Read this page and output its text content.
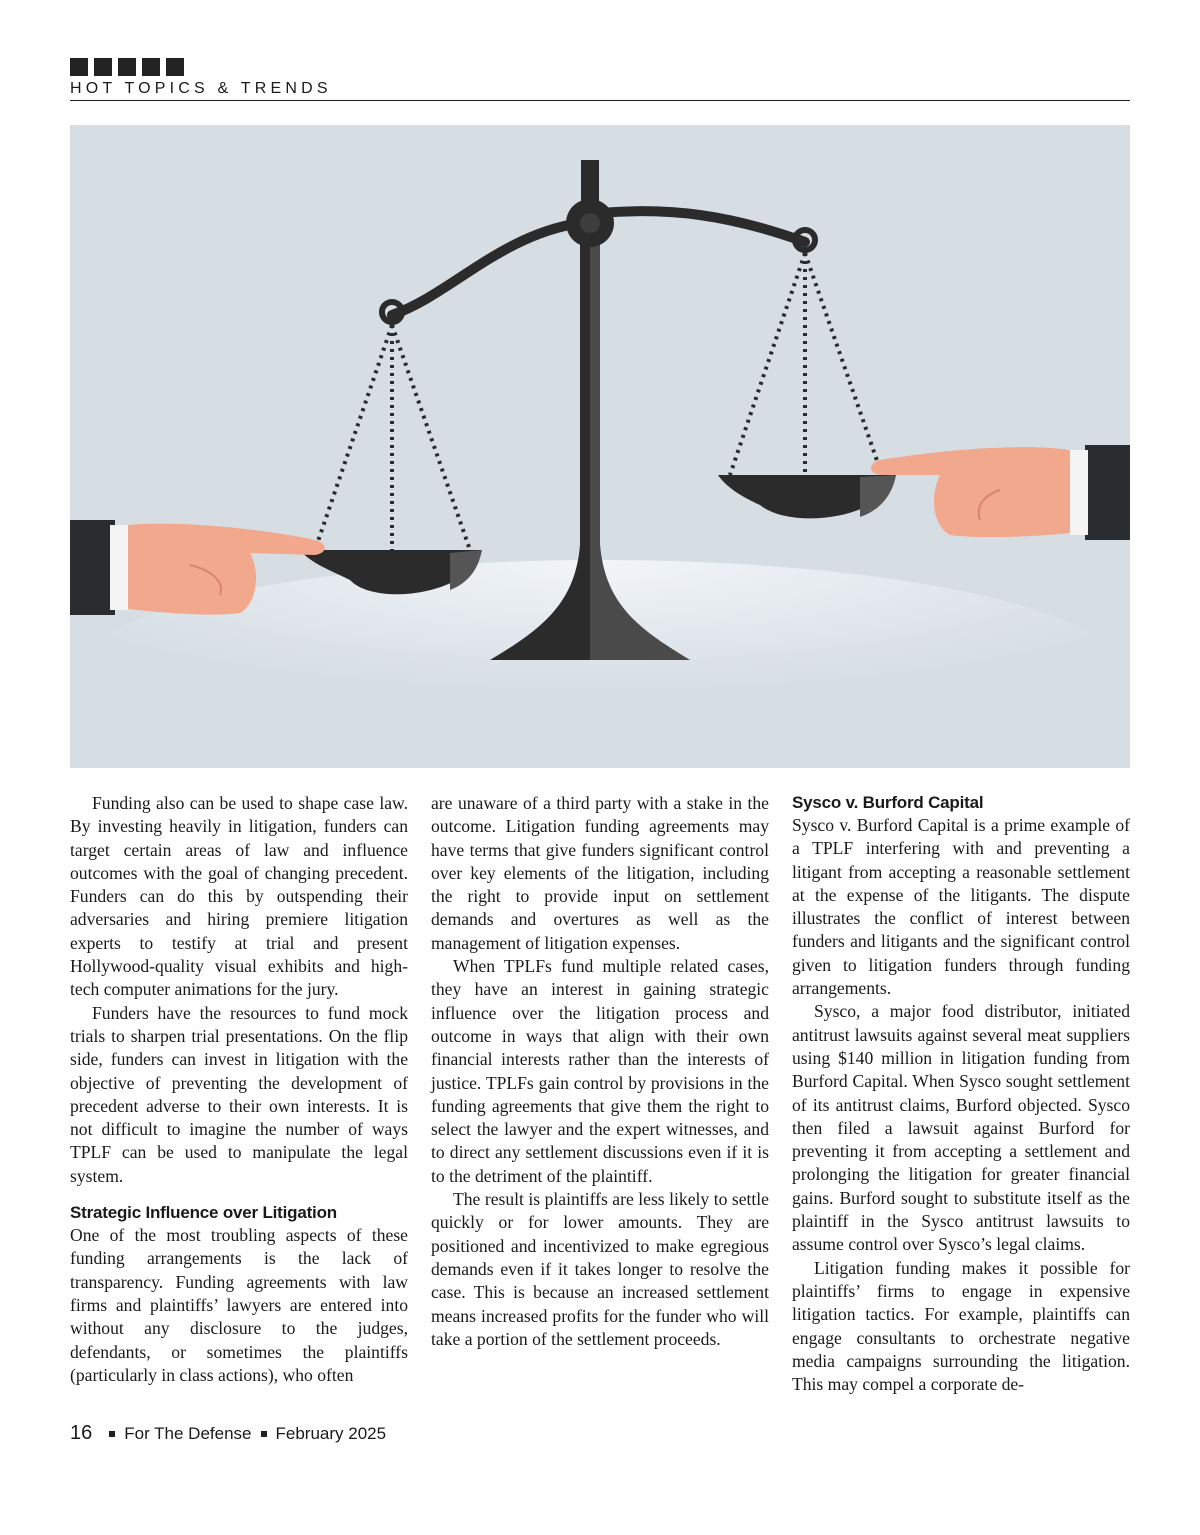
HOT TOPICS & TRENDS

Funding also can be used to shape case law. By investing heavily in litigation, funders can target certain areas of law and influence outcomes with the goal of changing precedent. Funders can do this by outspending their adversaries and hiring premiere litigation experts to testify at trial and present Hollywood-quality visual exhibits and high-tech computer animations for the jury.

Funders have the resources to fund mock trials to sharpen trial presentations. On the flip side, funders can invest in litigation with the objective of preventing the development of precedent adverse to their own interests. It is not difficult to imagine the number of ways TPLF can be used to manipulate the legal system.

Strategic Influence over Litigation

One of the most troubling aspects of these funding arrangements is the lack of transparency. Funding agreements with law firms and plaintiffs’ lawyers are entered into without any disclosure to the judges, defendants, or sometimes the plaintiffs (particularly in class actions), who often

are unaware of a third party with a stake in the outcome. Litigation funding agreements may have terms that give funders significant control over key elements of the litigation, including the right to provide input on settlement demands and overtures as well as the management of litigation expenses.

When TPLFs fund multiple related cases, they have an interest in gaining strategic influence over the litigation process and outcome in ways that align with their own financial interests rather than the interests of justice. TPLFs gain control by provisions in the funding agreements that give them the right to select the lawyer and the expert witnesses, and to direct any settlement discussions even if it is to the detriment of the plaintiff.

The result is plaintiffs are less likely to settle quickly or for lower amounts. They are positioned and incentivized to make egregious demands even if it takes longer to resolve the case. This is because an increased settlement means increased profits for the funder who will take a portion of the settlement proceeds.

Sysco v. Burford Capital

Sysco v. Burford Capital is a prime example of a TPLF interfering with and preventing a litigant from accepting a reasonable settlement at the expense of the litigants. The dispute illustrates the conflict of interest between funders and litigants and the significant control given to litigation funders through funding arrangements.

Sysco, a major food distributor, initiated antitrust lawsuits against several meat suppliers using $140 million in litigation funding from Burford Capital. When Sysco sought settlement of its antitrust claims, Burford objected. Sysco then filed a lawsuit against Burford for preventing it from accepting a settlement and prolonging the litigation for greater financial gains. Burford sought to substitute itself as the plaintiff in the Sysco antitrust lawsuits to assume control over Sysco’s legal claims.

Litigation funding makes it possible for plaintiffs’ firms to engage in expensive litigation tactics. For example, plaintiffs can engage consultants to orchestrate negative media campaigns surrounding the litigation. This may compel a corporate de-

16 For The Defense February 2025
